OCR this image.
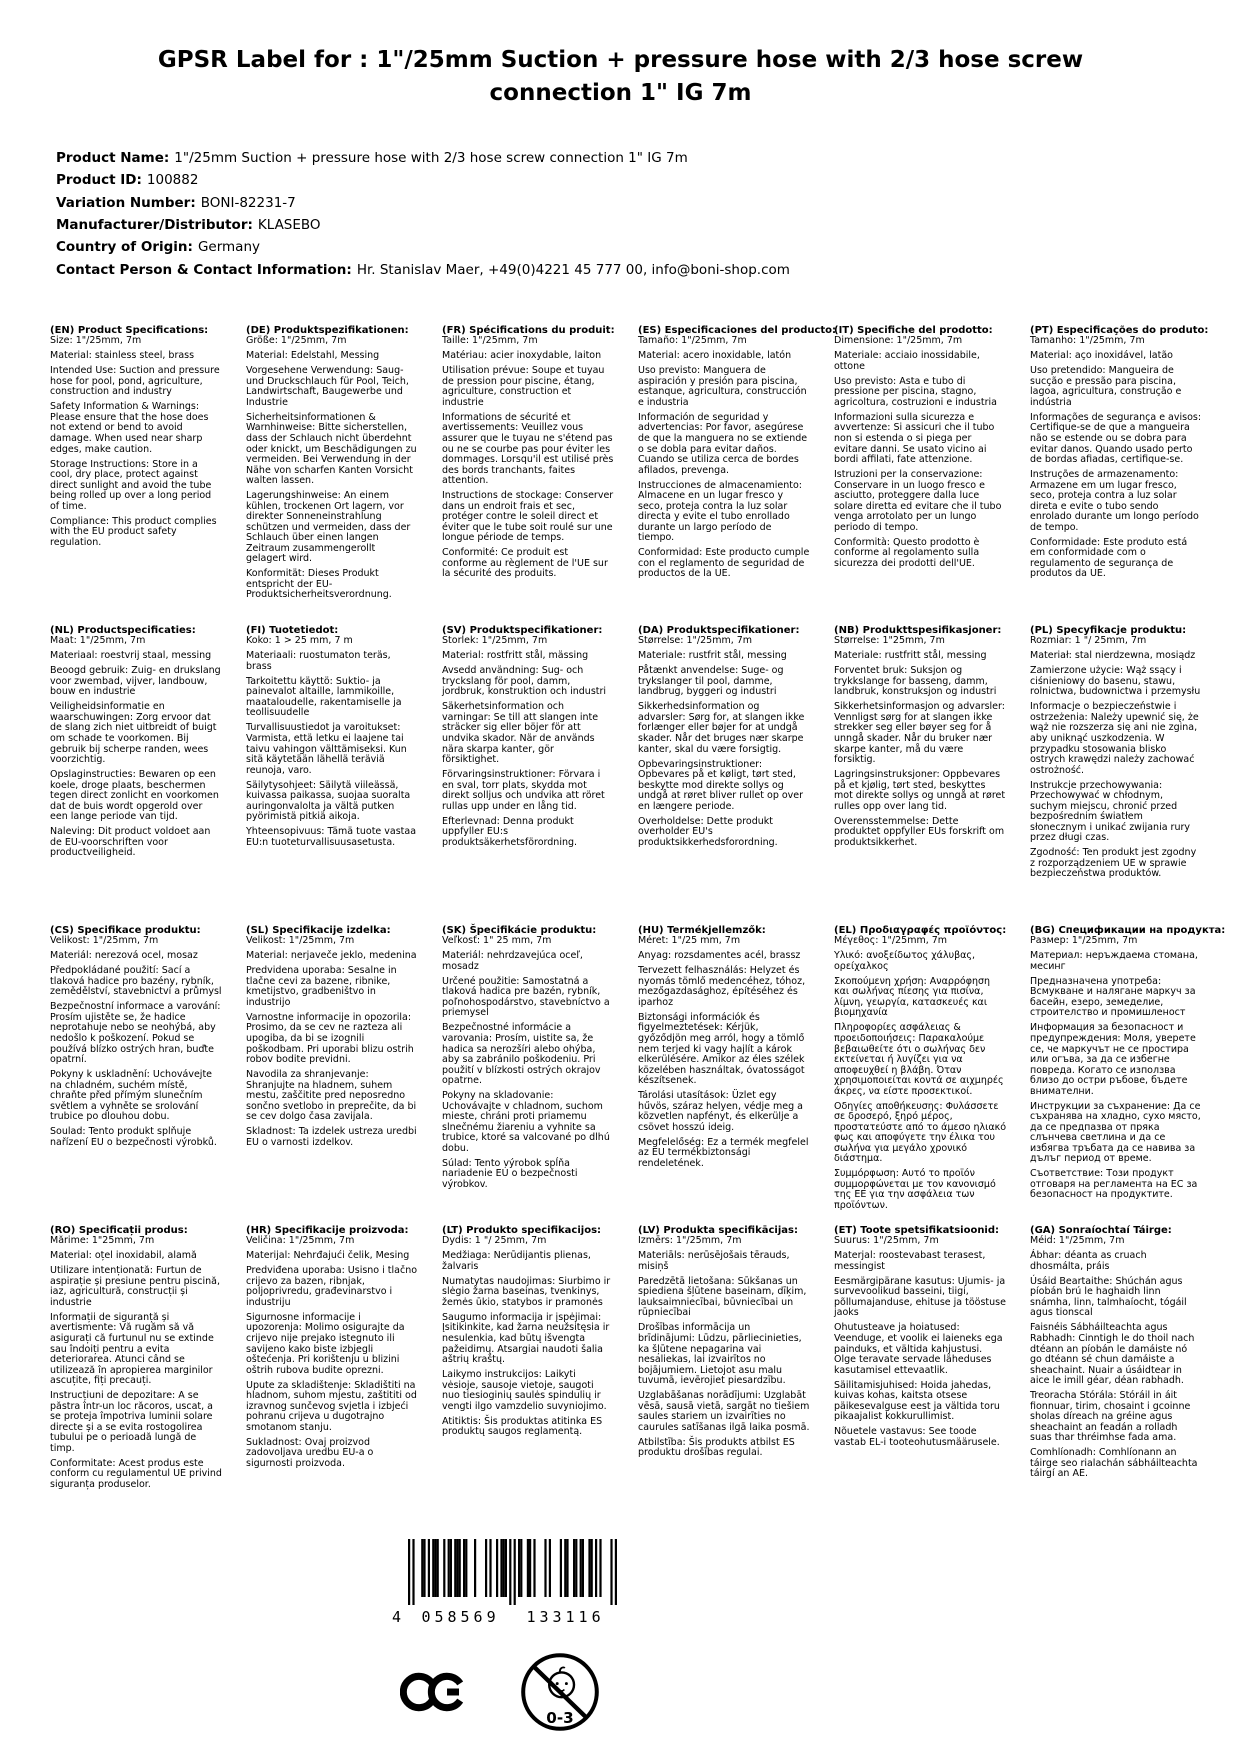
GPSR Label for : 1"/25mm Suction + pressure hose with 2/3 hose screw connection 1" IG 7m
Product Name: 1"/25mm Suction + pressure hose with 2/3 hose screw connection 1" IG 7m
Product ID: 100882
Variation Number: BONI-82231-7
Manufacturer/Distributor: KLASEBO
Country of Origin: Germany
Contact Person & Contact Information: Hr. Stanislav Maer, +49(0)4221 45 777 00, info@boni-shop.com
(EN) Product Specifications:

Size: 1"/25mm, 7m

Material: stainless steel, brass

Intended Use: Suction and pressure hose for pool, pond, agriculture, construction and industry

Safety Information & Warnings: Please ensure that the hose does not extend or bend to avoid damage. When used near sharp edges, make caution.

Storage Instructions: Store in a cool, dry place, protect against direct sunlight and avoid the tube being rolled up over a long period of time.

Compliance: This product complies with the EU product safety regulation.

(DE) Produktspezifikationen:

Größe: 1"/25mm, 7m

Material: Edelstahl, Messing

Vorgesehene Verwendung: Saug- und Druckschlauch für Pool, Teich, Landwirtschaft, Baugewerbe und Industrie

Sicherheitsinformationen & Warnhinweise: Bitte sicherstellen, dass der Schlauch nicht überdehnt oder knickt, um Beschädigungen zu vermeiden. Bei Verwendung in der Nähe von scharfen Kanten Vorsicht walten lassen.

Lagerungshinweise: An einem kühlen, trockenen Ort lagern, vor direkter Sonneneinstrahlung schützen und vermeiden, dass der Schlauch über einen langen Zeitraum zusammengerollt gelagert wird.

Konformität: Dieses Produkt entspricht der EU-Produktsicherheitsverordnung.

(FR) Spécifications du produit:

Taille: 1"/25mm, 7m

Matériau: acier inoxydable, laiton

Utilisation prévue: Soupe et tuyau de pression pour piscine, étang, agriculture, construction et industrie

Informations de sécurité et avertissements: Veuillez vous assurer que le tuyau ne s'étend pas ou ne se courbe pas pour éviter les dommages. Lorsqu'il est utilisé près des bords tranchants, faites attention.

Instructions de stockage: Conserver dans un endroit frais et sec, protéger contre le soleil direct et éviter que le tube soit roulé sur une longue période de temps.

Conformité: Ce produit est conforme au règlement de l'UE sur la sécurité des produits.

(ES) Especificaciones del producto:

Tamaño: 1"/25mm, 7m

Material: acero inoxidable, latón

Uso previsto: Manguera de aspiración y presión para piscina, estanque, agricultura, construcción e industria

Información de seguridad y advertencias: Por favor, asegúrese de que la manguera no se extiende o se dobla para evitar daños. Cuando se utiliza cerca de bordes afilados, prevenga.

Instrucciones de almacenamiento: Almacene en un lugar fresco y seco, proteja contra la luz solar directa y evite el tubo enrollado durante un largo período de tiempo.

Conformidad: Este producto cumple con el reglamento de seguridad de productos de la UE.

(IT) Specifiche del prodotto:

Dimensione: 1"/25mm, 7m

Materiale: acciaio inossidabile, ottone

Uso previsto: Asta e tubo di pressione per piscina, stagno, agricoltura, costruzioni e industria

Informazioni sulla sicurezza e avvertenze: Si assicuri che il tubo non si estenda o si piega per evitare danni. Se usato vicino ai bordi affilati, fate attenzione.

Istruzioni per la conservazione: Conservare in un luogo fresco e asciutto, proteggere dalla luce solare diretta ed evitare che il tubo venga arrotolato per un lungo periodo di tempo.

Conformità: Questo prodotto è conforme al regolamento sulla sicurezza dei prodotti dell'UE.

(PT) Especificações do produto:

Tamanho: 1"/25mm, 7m

Material: aço inoxidável, latão

Uso pretendido: Mangueira de sucção e pressão para piscina, lagoa, agricultura, construção e indústria

Informações de segurança e avisos: Certifique-se de que a mangueira não se estende ou se dobra para evitar danos. Quando usado perto de bordas afiadas, certifique-se.

Instruções de armazenamento: Armazene em um lugar fresco, seco, proteja contra a luz solar direta e evite o tubo sendo enrolado durante um longo período de tempo.

Conformidade: Este produto está em conformidade com o regulamento de segurança de produtos da UE.

(NL) Productspecificaties:

Maat: 1"/25mm, 7m

Materiaal: roestvrij staal, messing

Beoogd gebruik: Zuig- en drukslang voor zwembad, vijver, landbouw, bouw en industrie

Veiligheidsinformatie en waarschuwingen: Zorg ervoor dat de slang zich niet uitbreidt of buigt om schade te voorkomen. Bij gebruik bij scherpe randen, wees voorzichtig.

Opslaginstructies: Bewaren op een koele, droge plaats, beschermen tegen direct zonlicht en voorkomen dat de buis wordt opgerold over een lange periode van tijd.

Naleving: Dit product voldoet aan de EU-voorschriften voor productveiligheid.

(FI) Tuotetiedot:

Koko: 1 > 25 mm, 7 m

Materiaali: ruostumaton teräs, brass

Tarkoitettu käyttö: Suktio- ja painevalot altaille, lammikoille, maataloudelle, rakentamiselle ja teollisuudelle

Turvallisuustiedot ja varoitukset: Varmista, että letku ei laajene tai taivu vahingon välttämiseksi. Kun sitä käytetään lähellä teräviä reunoja, varo.

Säilytysohjeet: Säilytä viileässä, kuivassa paikassa, suojaa suoralta auringonvalolta ja vältä putken pyörimistä pitkiä aikoja.

Yhteensopivuus: Tämä tuote vastaa EU:n tuoteturvallisuusasetusta.

(SV) Produktspecifikationer:

Storlek: 1"/25mm, 7m

Material: rostfritt stål, mässing

Avsedd användning: Sug- och tryckslang för pool, damm, jordbruk, konstruktion och industri

Säkerhetsinformation och varningar: Se till att slangen inte sträcker sig eller böjer för att undvika skador. När de används nära skarpa kanter, gör försiktighet.

Förvaringsinstruktioner: Förvara i en sval, torr plats, skydda mot direkt solljus och undvika att röret rullas upp under en lång tid.

Efterlevnad: Denna produkt uppfyller EU:s produktsäkerhetsförordning.

(DA) Produktspecifikationer:

Størrelse: 1"/25mm, 7m

Materiale: rustfrit stål, messing

Påtænkt anvendelse: Suge- og trykslanger til pool, damme, landbrug, byggeri og industri

Sikkerhedsinformation og advarsler: Sørg for, at slangen ikke forlænger eller bøjer for at undgå skader. Når det bruges nær skarpe kanter, skal du være forsigtig.

Opbevaringsinstruktioner: Opbevares på et køligt, tørt sted, beskytte mod direkte sollys og undgå at røret bliver rullet op over en længere periode.

Overholdelse: Dette produkt overholder EU's produktsikkerhedsforordning.

(NB) Produkttspesifikasjoner:

Størrelse: 1"25mm, 7m

Materiale: rustfritt stål, messing

Forventet bruk: Suksjon og trykkslange for basseng, damm, landbruk, konstruksjon og industri

Sikkerhetsinformasjon og advarsler: Vennligst sørg for at slangen ikke strekker seg eller bøyer seg for å unngå skader. Når du bruker nær skarpe kanter, må du være forsiktig.

Lagringsinstruksjoner: Oppbevares på et kjølig, tørt sted, beskyttes mot direkte sollys og unngå at røret rulles opp over lang tid.

Overensstemmelse: Dette produktet oppfyller EUs forskrift om produktsikkerhet.

(PL) Specyfikacje produktu:

Rozmiar: 1 "/ 25mm, 7m

Materiał: stal nierdzewna, mosiądz

Zamierzone użycie: Wąż ssący i ciśnieniowy do basenu, stawu, rolnictwa, budownictwa i przemysłu

Informacje o bezpieczeństwie i ostrzeżenia: Należy upewnić się, że wąż nie rozszerza się ani nie zgina, aby uniknąć uszkodzenia. W przypadku stosowania blisko ostrych krawędzi należy zachować ostrożność.

Instrukcje przechowywania: Przechowywać w chłodnym, suchym miejscu, chronić przed bezpośrednim światłem słonecznym i unikać zwijania rury przez długi czas.

Zgodność: Ten produkt jest zgodny z rozporządzeniem UE w sprawie bezpieczeństwa produktów.

(CS) Specifikace produktu:

Velikost: 1"/25mm, 7m

Materiál: nerezová ocel, mosaz

Předpokládané použití: Sací a tlaková hadice pro bazény, rybník, zemědělství, stavebnictví a průmysl

Bezpečnostní informace a varování: Prosím ujistěte se, že hadice neprotahuje nebo se neohýbá, aby nedošlo k poškození. Pokud se používá blízko ostrých hran, buďte opatrní.

Pokyny k uskladnění: Uchovávejte na chladném, suchém místě, chraňte před přímým slunečním světlem a vyhněte se srolování trubice po dlouhou dobu.

Soulad: Tento produkt splňuje nařízení EU o bezpečnosti výrobků.

(SL) Specifikacije izdelka:

Velikost: 1"/25mm, 7m

Material: nerjaveče jeklo, medenina

Predvidena uporaba: Sesalne in tlačne cevi za bazene, ribnike, kmetijstvo, gradbeništvo in industrijo

Varnostne informacije in opozorila: Prosimo, da se cev ne razteza ali upogiba, da bi se izognili poškodbam. Pri uporabi blizu ostrih robov bodite previdni.

Navodila za shranjevanje: Shranjujte na hladnem, suhem mestu, zaščitite pred neposredno sončno svetlobo in preprečite, da bi se cev dolgo časa zavijala.

Skladnost: Ta izdelek ustreza uredbi EU o varnosti izdelkov.

(SK) Špecifikácie produktu:

Veľkosť: 1" 25 mm, 7m

Materiál: nehrdzavejúca oceľ, mosadz

Určené použitie: Samostatná a tlaková hadica pre bazén, rybník, poľnohospodárstvo, stavebníctvo a priemysel

Bezpečnostné informácie a varovania: Prosím, uistite sa, že hadica sa nerozšíri alebo ohýba, aby sa zabránilo poškodeniu. Pri použití v blízkosti ostrých okrajov opatrne.

Pokyny na skladovanie: Uchovávajte v chladnom, suchom mieste, chráni proti priamemu slnečnému žiareniu a vyhnite sa trubice, ktoré sa valcované po dlhú dobu.

Súlad: Tento výrobok spĺňa nariadenie EÚ o bezpečnosti výrobkov.

(HU) Termékjellemzők:

Méret: 1"/25 mm, 7m

Anyag: rozsdamentes acél, brassz

Tervezett felhasználás: Helyzet és nyomás tömlő medencéhez, tóhoz, mezőgazdasághoz, építéséhez és iparhoz

Biztonsági információk és figyelmeztetések: Kérjük, győződjön meg arról, hogy a tömlő nem terjed ki vagy hajlít a károk elkerülésére. Amikor az éles szélek közelében használtak, óvatosságot készítsenek.

Tárolási utasítások: Üzlet egy hűvös, száraz helyen, védje meg a közvetlen napfényt, és elkerülje a csövet hosszú ideig.

Megfelelőség: Ez a termék megfelel az EU termékbiztonsági rendeletének.

(EL) Προδιαγραφές προϊόντος:

Μέγεθος: 1"/25mm, 7m

Υλικό: ανοξείδωτος χάλυβας, ορείχαλκος

Σκοπούμενη χρήση: Αναρρόφηση και σωλήνας πίεσης για πισίνα, λίμνη, γεωργία, κατασκευές και βιομηχανία

Πληροφορίες ασφάλειας & προειδοποιήσεις: Παρακαλούμε βεβαιωθείτε ότι ο σωλήνας δεν εκτείνεται ή λυγίζει για να αποφευχθεί η βλάβη. Όταν χρησιμοποιείται κοντά σε αιχμηρές άκρες, να είστε προσεκτικοί.

Οδηγίες αποθήκευσης: Φυλάσσετε σε δροσερό, ξηρό μέρος, προστατεύστε από το άμεσο ηλιακό φως και αποφύγετε την έλικα του σωλήνα για μεγάλο χρονικό διάστημα.

Συμμόρφωση: Αυτό το προϊόν συμμορφώνεται με τον κανονισμό της ΕΕ για την ασφάλεια των προϊόντων.

(BG) Спецификации на продукта:

Размер: 1"/25mm, 7m

Материал: неръждаема стомана, месинг

Предназначена употреба: Всмукване и налягане маркуч за басейн, езеро, земеделие, строителство и промишленост

Информация за безопасност и предупреждения: Моля, уверете се, че маркучът не се простира или огъва, за да се избегне повреда. Когато се използва близо до остри ръбове, бъдете внимателни.

Инструкции за съхранение: Да се съхранява на хладно, сухо място, да се предпазва от пряка слънчева светлина и да се избягва тръбата да се навива за дълъг период от време.

Съответствие: Този продукт отговаря на регламента на ЕС за безопасност на продуктите.

(RO) Specificații produs:

Mărime: 1"25mm, 7m

Material: oțel inoxidabil, alamă

Utilizare intenționată: Furtun de aspirație și presiune pentru piscină, iaz, agricultură, construcții și industrie

Informații de siguranță și avertismente: Vă rugăm să vă asigurați că furtunul nu se extinde sau îndoiți pentru a evita deteriorarea. Atunci când se utilizează în apropierea marginilor ascuțite, fiți precauți.

Instrucțiuni de depozitare: A se păstra într-un loc răcoros, uscat, a se proteja împotriva luminii solare directe și a se evita rostogolirea tubului pe o perioadă lungă de timp.

Conformitate: Acest produs este conform cu regulamentul UE privind siguranța produselor.

(HR) Specifikacije proizvoda:

Veličina: 1"/25mm, 7m

Materijal: Nehrđajući čelik, Mesing

Predviđena uporaba: Usisno i tlačno crijevo za bazen, ribnjak, poljoprivredu, građevinarstvo i industriju

Sigurnosne informacije i upozorenja: Molimo osigurajte da crijevo nije prejako istegnuto ili savijeno kako biste izbjegli oštećenja. Pri korištenju u blizini oštrih rubova budite oprezni.

Upute za skladištenje: Skladištiti na hladnom, suhom mjestu, zaštititi od izravnog sunčevog svjetla i izbjeći pohranu crijeva u dugotrajno smotanom stanju.

Sukladnost: Ovaj proizvod zadovoljava uredbu EU-a o sigurnosti proizvoda.

(LT) Produkto specifikacijos:

Dydis: 1 "/ 25mm, 7m

Medžiaga: Nerūdijantis plienas, žalvaris

Numatytas naudojimas: Siurbimo ir slėgio žarna baseinas, tvenkinys, žemės ūkio, statybos ir pramonės

Saugumo informacija ir įspėjimai: Įsitikinkite, kad žarna neužsitęsia ir nesulenkia, kad būtų išvengta pažeidimų. Atsargiai naudoti šalia aštrių kraštų.

Laikymo instrukcijos: Laikyti vėsioje, sausoje vietoje, saugoti nuo tiesioginių saulės spindulių ir vengti ilgo vamzdelio suvyniojimo.

Atitiktis: Šis produktas atitinka ES produktų saugos reglamentą.

(LV) Produkta specifikācijas:

Izmērs: 1"/25mm, 7m

Materiāls: nerūsējošais tērauds, misiņš

Paredzētā lietošana: Sūkšanas un spiediena šļūtene baseinam, dīķim, lauksaimniecībai, būvniecībai un rūpniecībai

Drošības informācija un brīdinājumi: Lūdzu, pārliecinieties, ka šļūtene nepagarina vai nesaliekas, lai izvairītos no bojājumiem. Lietojot asu malu tuvumā, ievērojiet piesardzību.

Uzglabāšanas norādījumi: Uzglabāt vēsā, sausā vietā, sargāt no tiešiem saules stariem un izvairīties no caurules satīšanas ilgā laika posmā.

Atbilstība: Šis produkts atbilst ES produktu drošības regulai.

(ET) Toote spetsifikatsioonid:

Suurus: 1"/25mm, 7m

Materjal: roostevabast terasest, messingist

Eesmärgipärane kasutus: Ujumis- ja survevoolikud basseini, tiigi, põllumajanduse, ehituse ja tööstuse jaoks

Ohutusteave ja hoiatused: Veenduge, et voolik ei laieneks ega painduks, et vältida kahjustusi. Olge teravate servade läheduses kasutamisel ettevaatlik.

Säilitamisjuhised: Hoida jahedas, kuivas kohas, kaitsta otsese päikesevalguse eest ja vältida toru pikaajalist kokkurullimist.

Nõuetele vastavus: See toode vastab EL-i tooteohutusmäärusele.

(GA) Sonraíochtaí Táirge:

Méid: 1"/25mm, 7m

Ábhar: déanta as cruach dhosmálta, práis

Úsáid Beartaithe: Shúchán agus píobán brú le haghaidh linn snámha, linn, talmhaíocht, tógáil agus tionscal

Faisnéis Sábháilteachta agus Rabhadh: Cinntigh le do thoil nach dtéann an píobán le damáiste nó go dtéann sé chun damáiste a sheachaint. Nuair a úsáidtear in aice le imill géar, déan rabhadh.

Treoracha Stórála: Stóráil in áit fionnuar, tirim, chosaint i gcoinne sholas díreach na gréine agus sheachaint an feadán a rolladh suas thar thréimhse fada ama.

Comhlíonadh: Comhlíonann an táirge seo rialachán sábháilteachta táirgí an AE.

4 058569 133116
0-3
